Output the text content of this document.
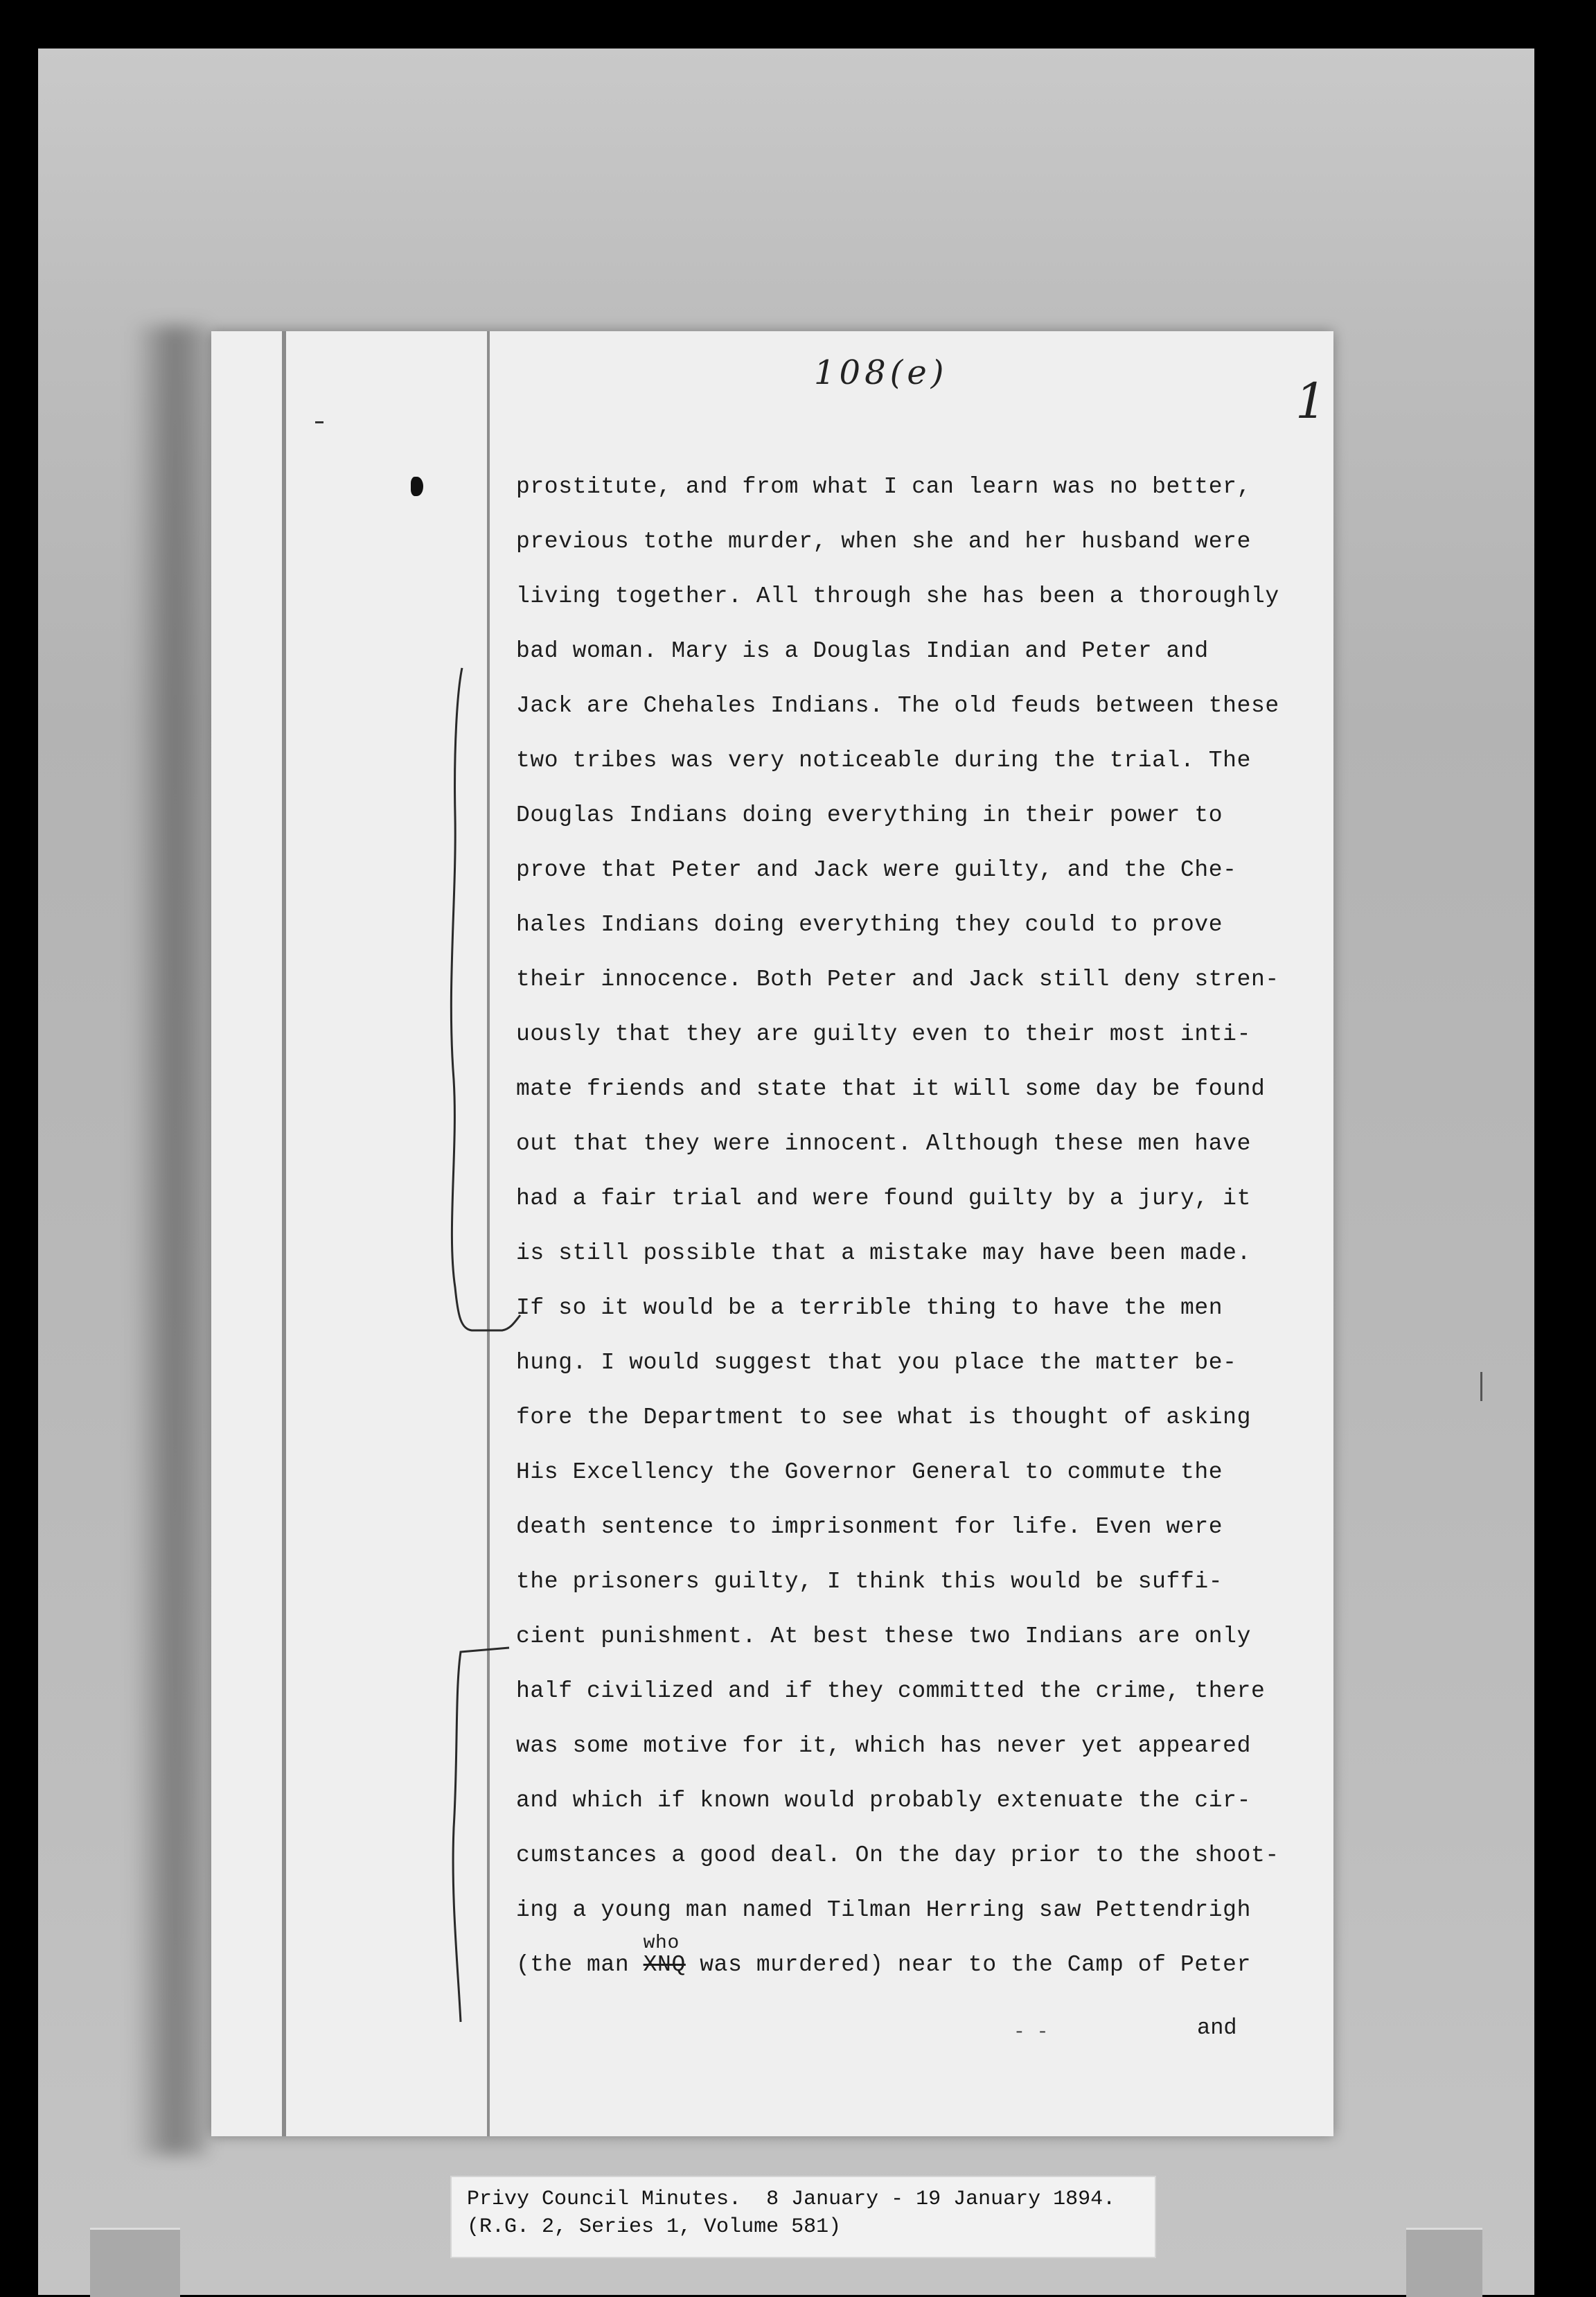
108(e)	1
prostitute, and from what I can learn was no better,
previous tothe murder, when she and her husband were
living together. All through she has been a thoroughly
bad woman. Mary is a Douglas Indian and Peter and
Jack are Chehales Indians. The old feuds between these
two tribes was very noticeable during the trial. The
Douglas Indians doing everything in their power to
prove that Peter and Jack were guilty, and the Che-
hales Indians doing everything they could to prove
their innocence. Both Peter and Jack still deny stren-
uously that they are guilty even to their most inti-
mate friends and state that it will some day be found
out that they were innocent. Although these men have
had a fair trial and were found guilty by a jury, it
is still possible that a mistake may have been made.
If so it would be a terrible thing to have the men
hung. I would suggest that you place the matter be-
fore the Department to see what is thought of asking
His Excellency the Governor General to commute the
death sentence to imprisonment for life. Even were
the prisoners guilty, I think this would be suffi-
cient punishment. At best these two Indians are only
half civilized and if they committed the crime, there
was some motive for it, which has never yet appeared
and which if known would probably extenuate the cir-
cumstances a good deal. On the day prior to the shoot-
ing a young man named Tilman Herring saw Pettendrigh
(the man
who
XNQ was murdered) near to the Camp of Peter
- -	and
Privy Council Minutes.  8 January - 19 January 1894.
(R.G. 2, Series 1, Volume 581)
